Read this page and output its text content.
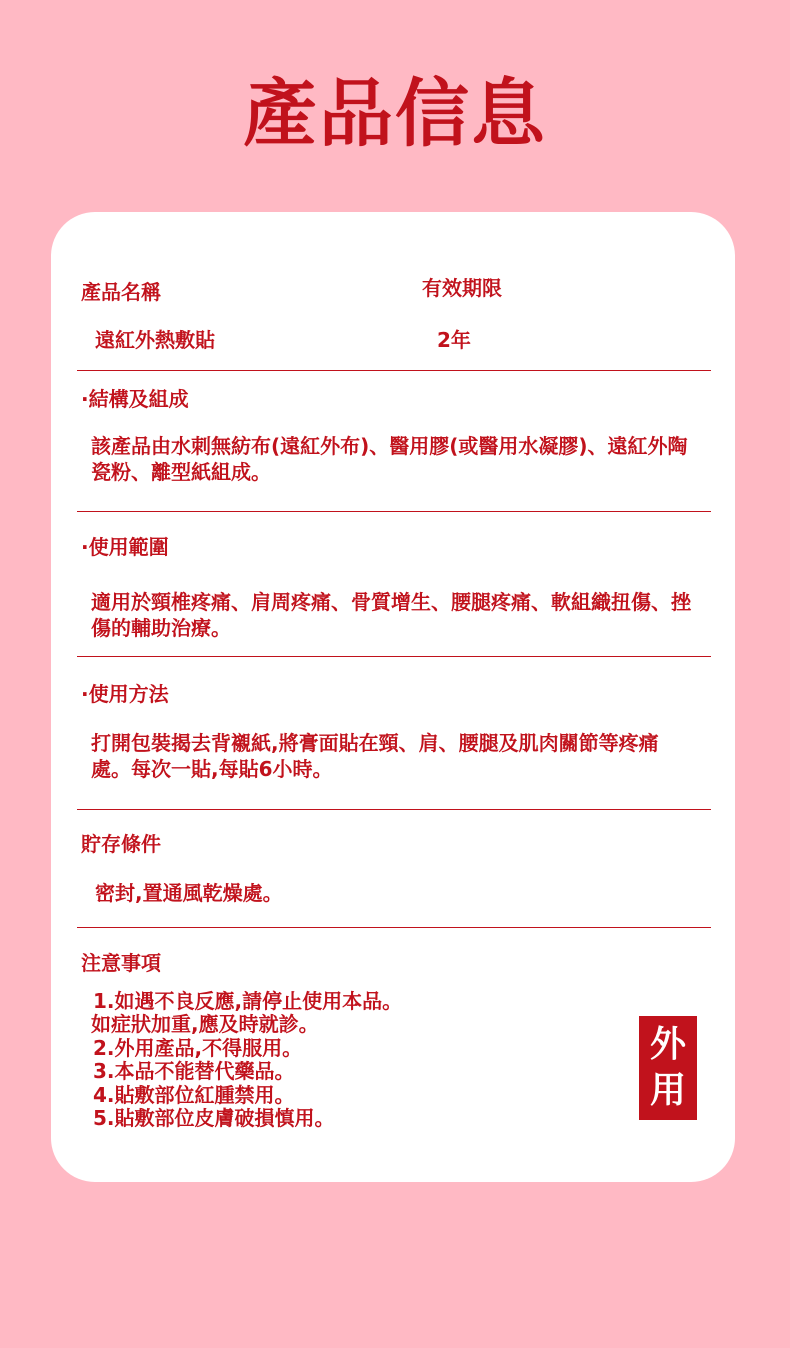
產品信息
產品名稱	有效期限
遠紅外熱敷貼	2年
·結構及組成

該產品由水刺無紡布(遠紅外布)、醫用膠(或醫用水凝膠)、遠紅外陶瓷粉、離型紙組成。

·使用範圍

適用於頸椎疼痛、肩周疼痛、骨質增生、腰腿疼痛、軟組織扭傷、挫傷的輔助治療。

·使用方法

打開包裝揭去背襯紙,將膏面貼在頸、肩、腰腿及肌肉關節等疼痛處。每次一貼,每貼6小時。

貯存條件

密封,置通風乾燥處。

注意事項
1.如遇不良反應,請停止使用本品。
如症狀加重,應及時就診。
2.外用產品,不得服用。
3.本品不能替代藥品。
4.貼敷部位紅腫禁用。
5.貼敷部位皮膚破損慎用。
外
用
